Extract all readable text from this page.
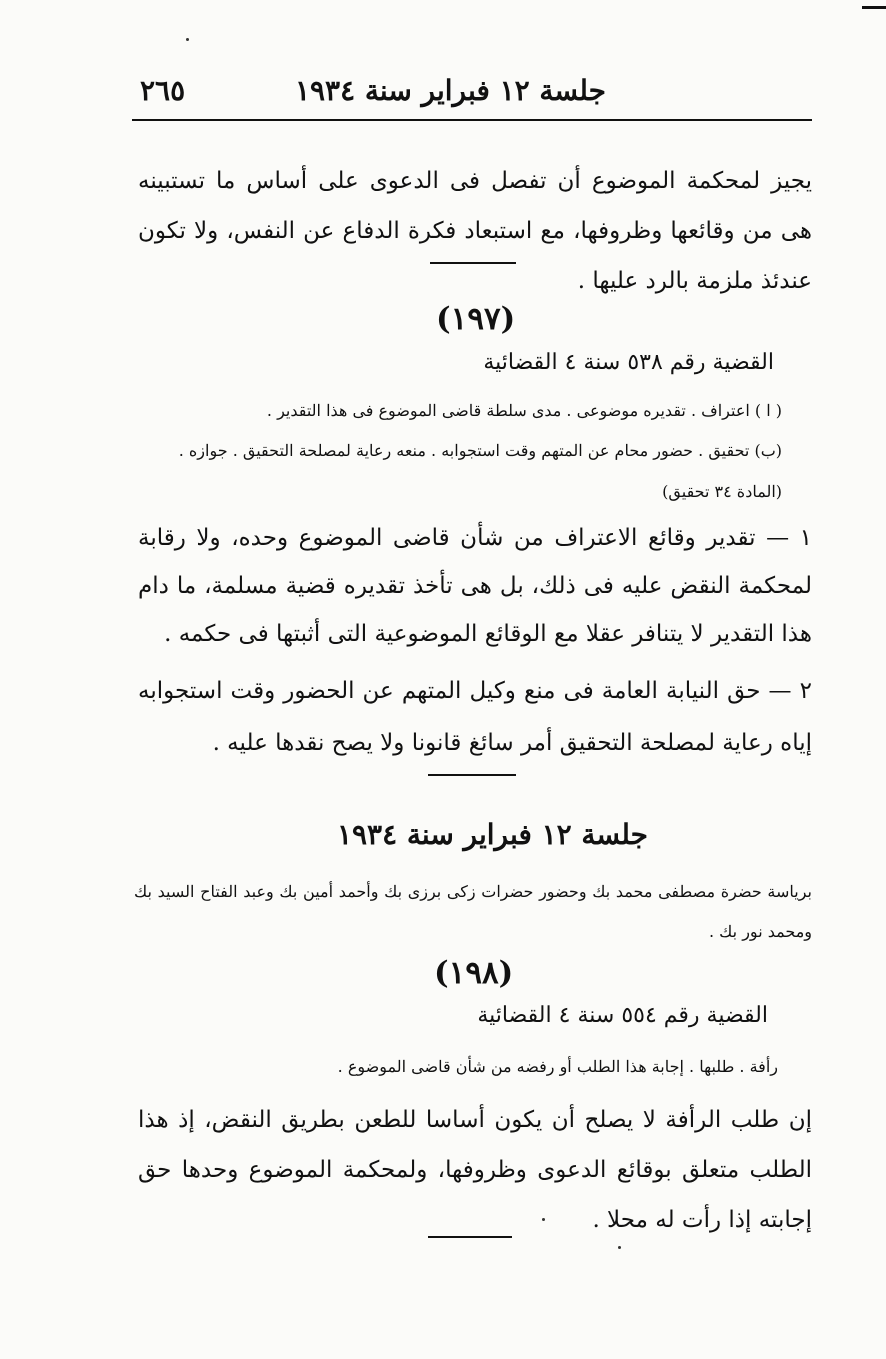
جلسة ١٢ فبراير سنة ١٩٣٤
٢٦٥
يجيز لمحكمة الموضوع أن تفصل فى الدعوى على أساس ما تستبينه هى من وقائعها وظروفها، مع استبعاد فكرة الدفاع عن النفس، ولا تكون عندئذ ملزمة بالرد عليها .
(١٩٧)
القضية رقم ٥٣٨ سنة ٤ القضائية
( ا ) اعتراف . تقديره موضوعى . مدى سلطة قاضى الموضوع فى هذا التقدير .
(ب) تحقيق . حضور محام عن المتهم وقت استجوابه . منعه رعاية لمصلحة التحقيق . جوازه .
(المادة ٣٤ تحقيق)
١ — تقدير وقائع الاعتراف من شأن قاضى الموضوع وحده، ولا رقابة لمحكمة النقض عليه فى ذلك، بل هى تأخذ تقديره قضية مسلمة، ما دام هذا التقدير لا يتنافر عقلا مع الوقائع الموضوعية التى أثبتها فى حكمه .
٢ — حق النيابة العامة فى منع وكيل المتهم عن الحضور وقت استجوابه إياه رعاية لمصلحة التحقيق أمر سائغ قانونا ولا يصح نقدها عليه .
جلسة ١٢ فبراير سنة ١٩٣٤
برياسة حضرة مصطفى محمد بك وحضور حضرات زكى برزى بك وأحمد أمين بك وعبد الفتاح السيد بك ومحمد نور بك .
(١٩٨)
القضية رقم ٥٥٤ سنة ٤ القضائية
رأفة . طلبها . إجابة هذا الطلب أو رفضه من شأن قاضى الموضوع .
إن طلب الرأفة لا يصلح أن يكون أساسا للطعن بطريق النقض، إذ هذا الطلب متعلق بوقائع الدعوى وظروفها، ولمحكمة الموضوع وحدها حق إجابته إذا رأت له محلا .
